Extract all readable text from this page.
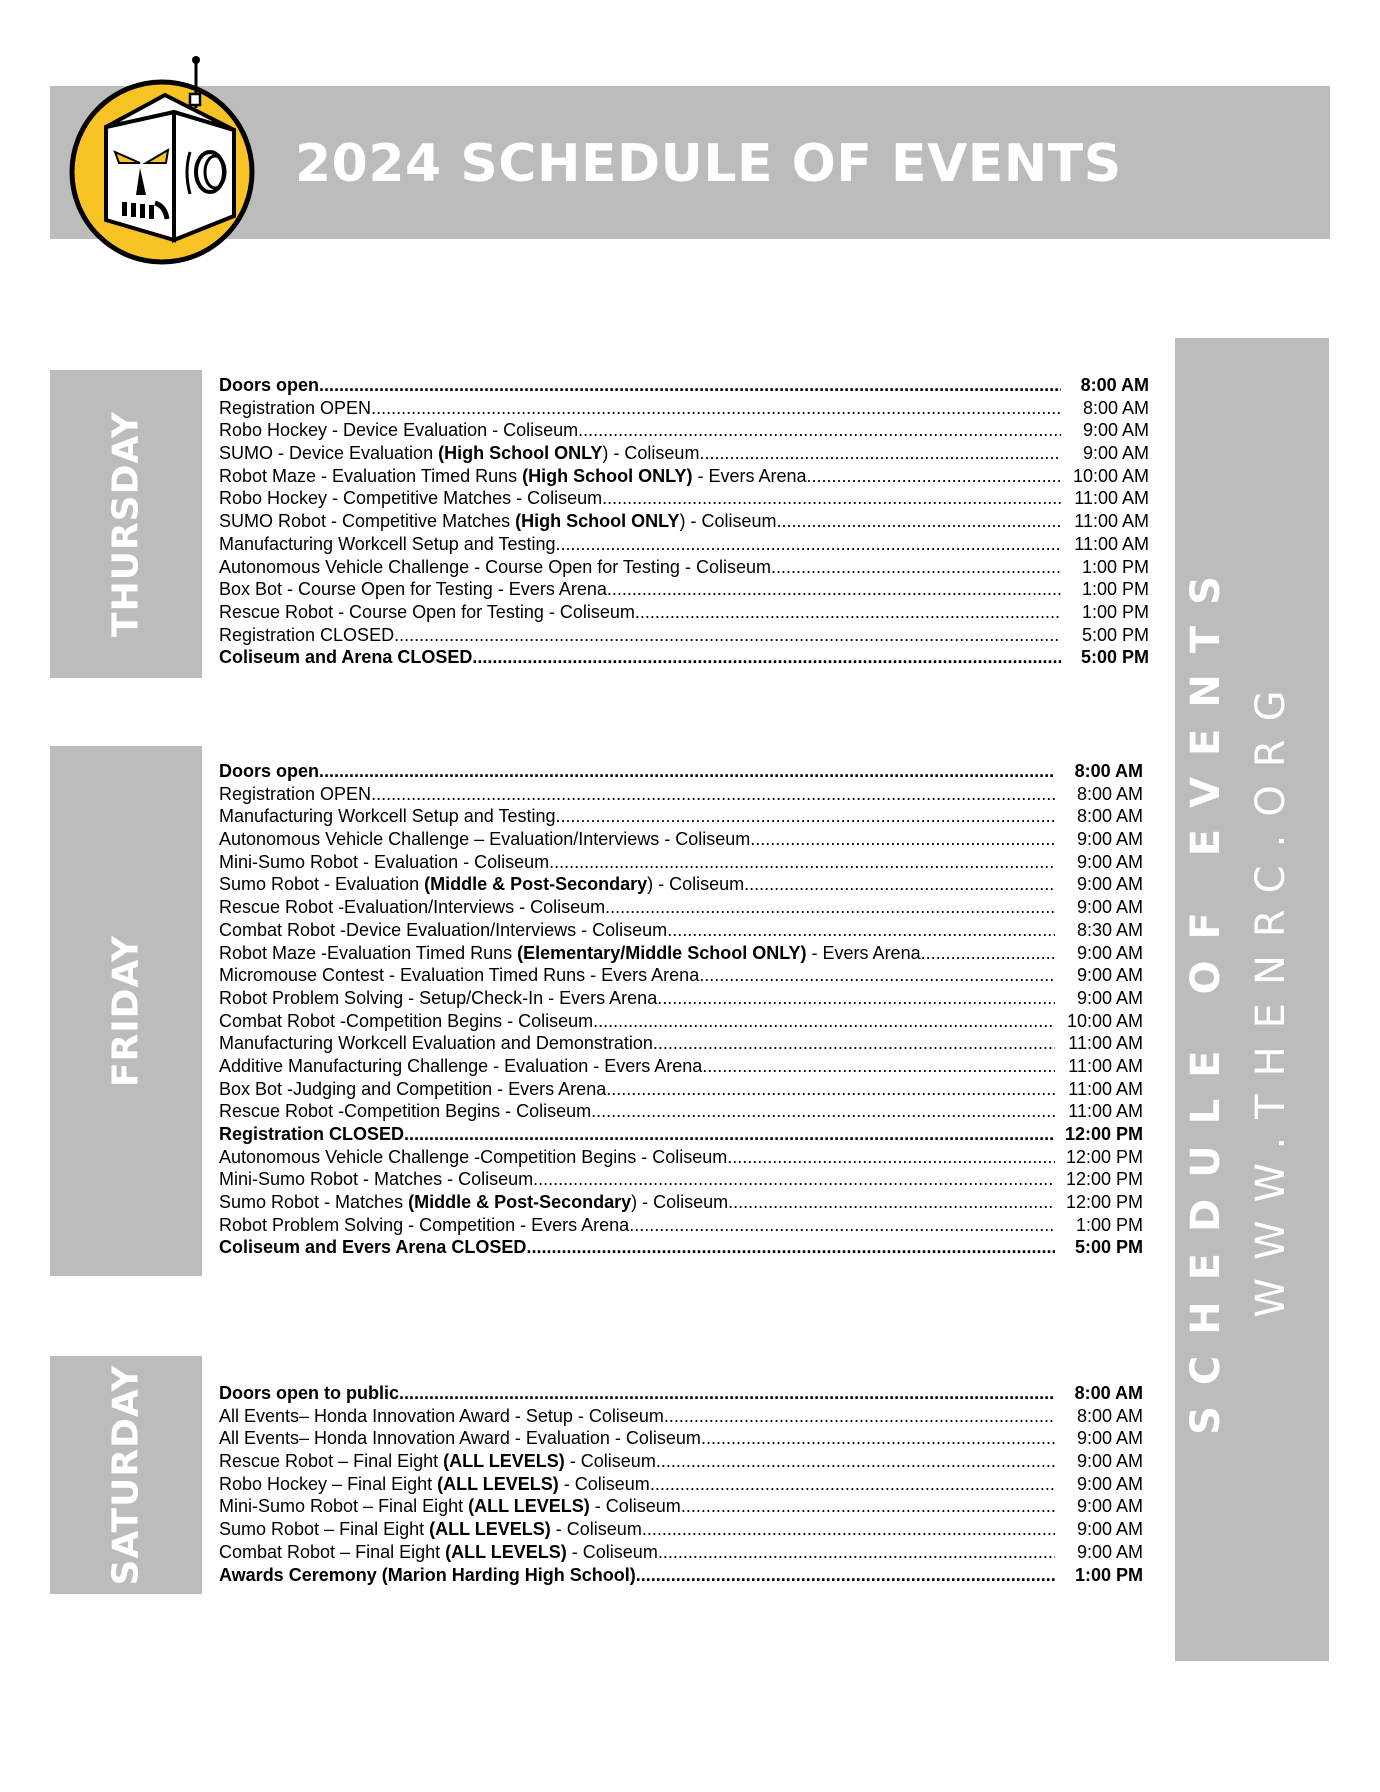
2024 SCHEDULE OF EVENTS
THURSDAY
Doors open .....	8:00 AM
Registration OPEN .....	8:00 AM
Robo Hockey - Device Evaluation - Coliseum .....	9:00 AM
SUMO - Device Evaluation (High School ONLY) - Coliseum .....	9:00 AM
Robot Maze - Evaluation Timed Runs (High School ONLY) - Evers Arena .....	10:00 AM
Robo Hockey - Competitive Matches - Coliseum .....	11:00 AM
SUMO Robot - Competitive Matches (High School ONLY) - Coliseum .....	11:00 AM
Manufacturing Workcell Setup and Testing .....	11:00 AM
Autonomous Vehicle Challenge - Course Open for Testing - Coliseum .....	1:00 PM
Box Bot - Course Open for Testing - Evers Arena .....	1:00 PM
Rescue Robot - Course Open for Testing - Coliseum .....	1:00 PM
Registration CLOSED .....	5:00 PM
Coliseum and Arena CLOSED .....	5:00 PM
FRIDAY
Doors open .....	8:00 AM
Registration OPEN .....	8:00 AM
Manufacturing Workcell Setup and Testing .....	8:00 AM
Autonomous Vehicle Challenge – Evaluation/Interviews - Coliseum .....	9:00 AM
Mini-Sumo Robot - Evaluation - Coliseum .....	9:00 AM
Sumo Robot - Evaluation (Middle & Post-Secondary) - Coliseum .....	9:00 AM
Rescue Robot -Evaluation/Interviews - Coliseum .....	9:00 AM
Combat Robot -Device Evaluation/Interviews - Coliseum .....	8:30 AM
Robot Maze -Evaluation Timed Runs (Elementary/Middle School ONLY) - Evers Arena .....	9:00 AM
Micromouse Contest - Evaluation Timed Runs - Evers Arena .....	9:00 AM
Robot Problem Solving - Setup/Check-In - Evers Arena .....	9:00 AM
Combat Robot -Competition Begins - Coliseum .....	10:00 AM
Manufacturing Workcell Evaluation and Demonstration .....	11:00 AM
Additive Manufacturing Challenge - Evaluation - Evers Arena .....	11:00 AM
Box Bot -Judging and Competition - Evers Arena .....	11:00 AM
Rescue Robot -Competition Begins - Coliseum .....	11:00 AM
Registration CLOSED .....	12:00 PM
Autonomous Vehicle Challenge -Competition Begins - Coliseum .....	12:00 PM
Mini-Sumo Robot - Matches - Coliseum .....	12:00 PM
Sumo Robot - Matches (Middle & Post-Secondary) - Coliseum .....	12:00 PM
Robot Problem Solving - Competition - Evers Arena .....	1:00 PM
Coliseum and Evers Arena CLOSED .....	5:00 PM
SATURDAY	Doors open to public .....	8:00 AM
All Events– Honda Innovation Award - Setup - Coliseum .....	8:00 AM
All Events– Honda Innovation Award - Evaluation - Coliseum .....	9:00 AM
Rescue Robot – Final Eight (ALL LEVELS) - Coliseum .....	9:00 AM
Robo Hockey – Final Eight (ALL LEVELS) - Coliseum .....	9:00 AM
Mini-Sumo Robot – Final Eight (ALL LEVELS) - Coliseum .....	9:00 AM
Sumo Robot – Final Eight (ALL LEVELS) - Coliseum .....	9:00 AM
Combat Robot – Final Eight (ALL LEVELS) - Coliseum .....	9:00 AM
Awards Ceremony (Marion Harding High School) .....	1:00 PM
SCHEDULE OF EVENTS WWW.THENRC.ORG
